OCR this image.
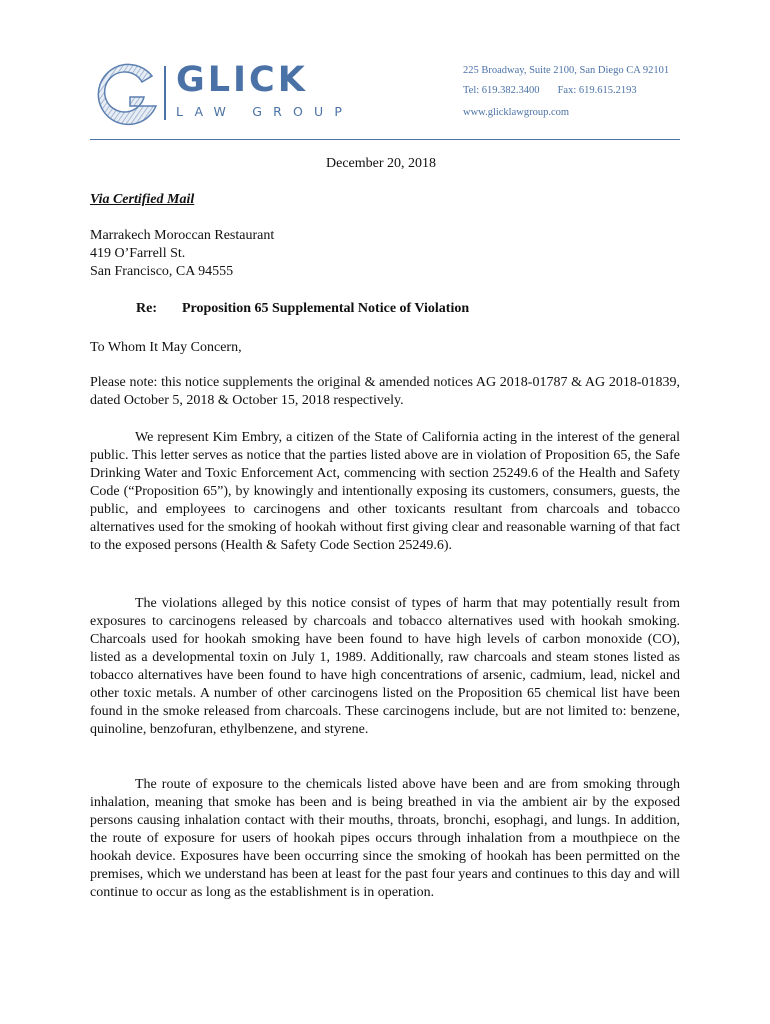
G
GLICK
LAW GROUP
225 Broadway, Suite 2100, San Diego CA 92101
Tel: 619.382.3400 Fax: 619.615.2193
www.glicklawgroup.com
December 20, 2018
Via Certified Mail
Marrakech Moroccan Restaurant
419 O’Farrell St.
San Francisco, CA 94555
Re: Proposition 65 Supplemental Notice of Violation
To Whom It May Concern,
Please note: this notice supplements the original & amended notices AG 2018-01787 & AG 2018-01839, dated October 5, 2018 & October 15, 2018 respectively.
We represent Kim Embry, a citizen of the State of California acting in the interest of the general public. This letter serves as notice that the parties listed above are in violation of Proposition 65, the Safe Drinking Water and Toxic Enforcement Act, commencing with section 25249.6 of the Health and Safety Code (“Proposition 65”), by knowingly and intentionally exposing its customers, consumers, guests, the public, and employees to carcinogens and other toxicants resultant from charcoals and tobacco alternatives used for the smoking of hookah without first giving clear and reasonable warning of that fact to the exposed persons (Health & Safety Code Section 25249.6).
The violations alleged by this notice consist of types of harm that may potentially result from exposures to carcinogens released by charcoals and tobacco alternatives used with hookah smoking. Charcoals used for hookah smoking have been found to have high levels of carbon monoxide (CO), listed as a developmental toxin on July 1, 1989. Additionally, raw charcoals and steam stones listed as tobacco alternatives have been found to have high concentrations of arsenic, cadmium, lead, nickel and other toxic metals. A number of other carcinogens listed on the Proposition 65 chemical list have been found in the smoke released from charcoals. These carcinogens include, but are not limited to: benzene, quinoline, benzofuran, ethylbenzene, and styrene.
The route of exposure to the chemicals listed above have been and are from smoking through inhalation, meaning that smoke has been and is being breathed in via the ambient air by the exposed persons causing inhalation contact with their mouths, throats, bronchi, esophagi, and lungs. In addition, the route of exposure for users of hookah pipes occurs through inhalation from a mouthpiece on the hookah device. Exposures have been occurring since the smoking of hookah has been permitted on the premises, which we understand has been at least for the past four years and continues to this day and will continue to occur as long as the establishment is in operation.
